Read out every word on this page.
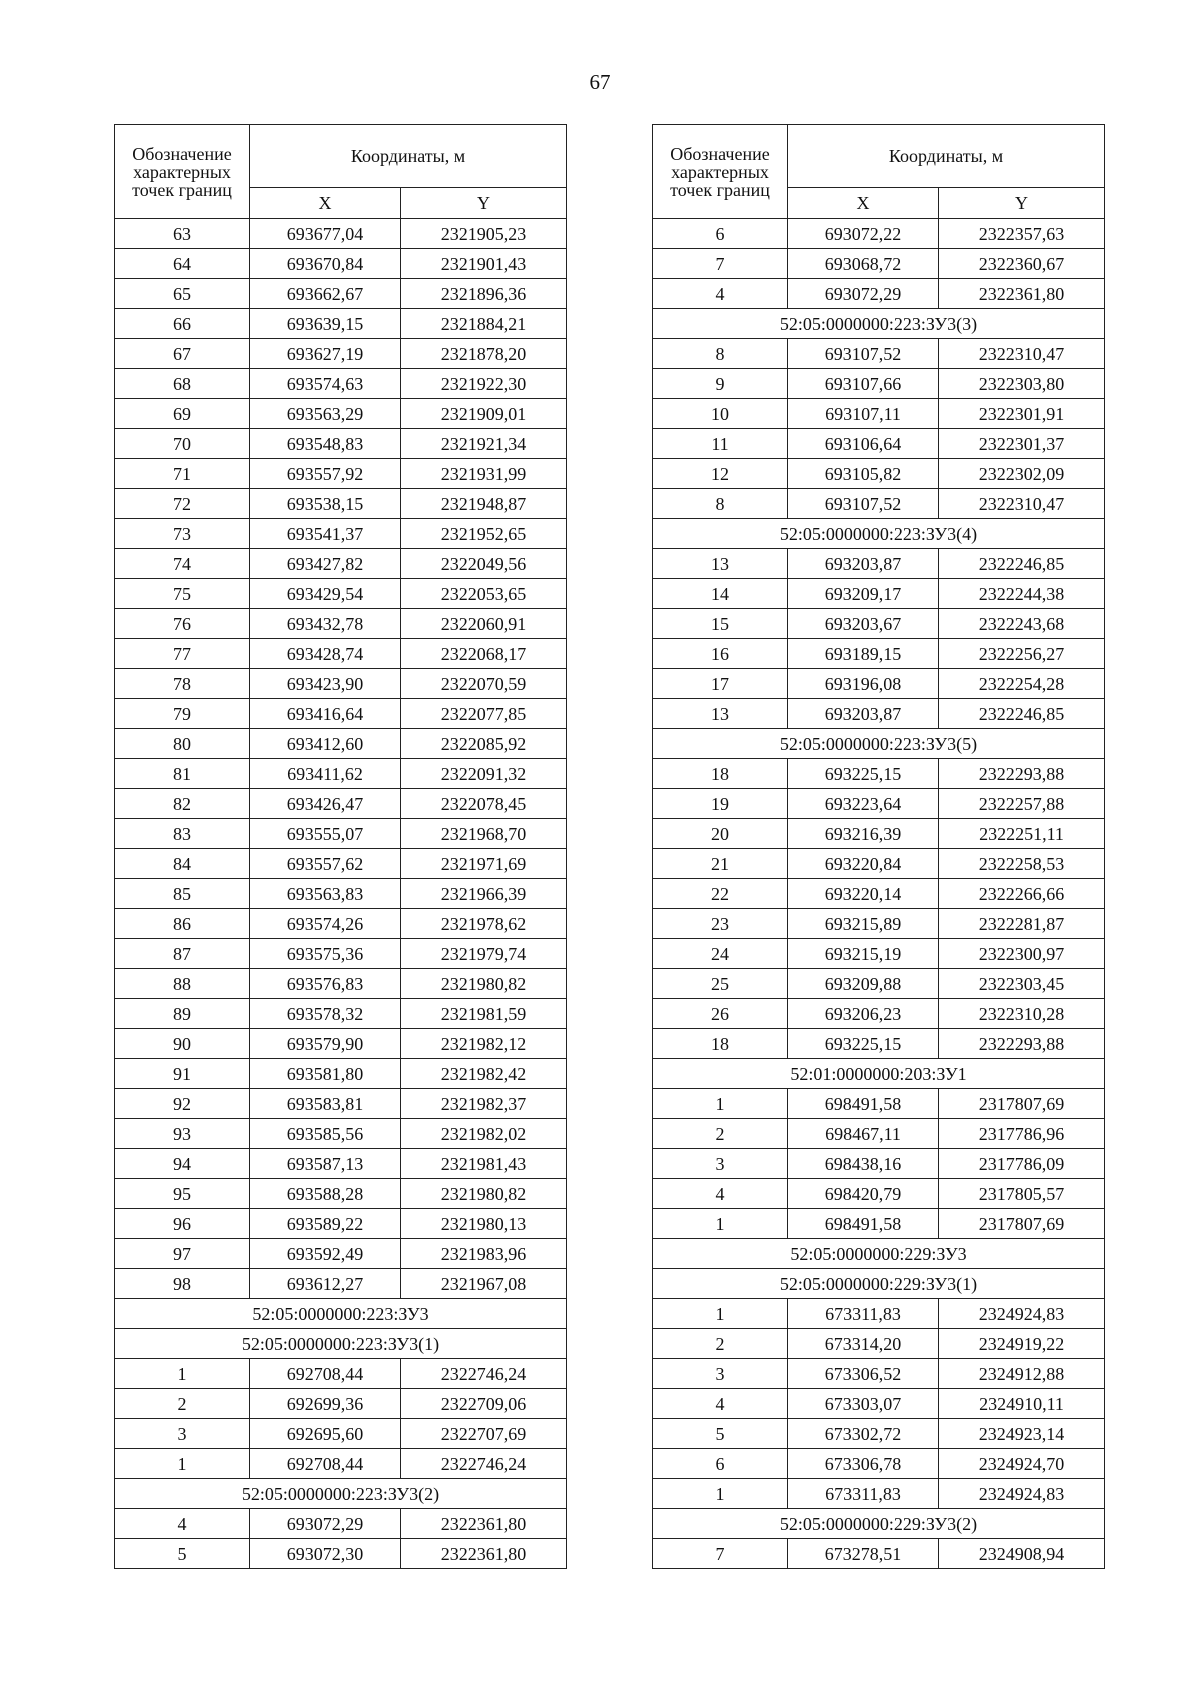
67
Обозначение характерных точек границ	Координаты, м	
	X	Y
63	693677,04	2321905,23
64	693670,84	2321901,43
65	693662,67	2321896,36
66	693639,15	2321884,21
67	693627,19	2321878,20
68	693574,63	2321922,30
69	693563,29	2321909,01
70	693548,83	2321921,34
71	693557,92	2321931,99
72	693538,15	2321948,87
73	693541,37	2321952,65
74	693427,82	2322049,56
75	693429,54	2322053,65
76	693432,78	2322060,91
77	693428,74	2322068,17
78	693423,90	2322070,59
79	693416,64	2322077,85
80	693412,60	2322085,92
81	693411,62	2322091,32
82	693426,47	2322078,45
83	693555,07	2321968,70
84	693557,62	2321971,69
85	693563,83	2321966,39
86	693574,26	2321978,62
87	693575,36	2321979,74
88	693576,83	2321980,82
89	693578,32	2321981,59
90	693579,90	2321982,12
91	693581,80	2321982,42
92	693583,81	2321982,37
93	693585,56	2321982,02
94	693587,13	2321981,43
95	693588,28	2321980,82
96	693589,22	2321980,13
97	693592,49	2321983,96
98	693612,27	2321967,08
52:05:0000000:223:ЗУ3		
52:05:0000000:223:ЗУ3(1)		
1	692708,44	2322746,24
2	692699,36	2322709,06
3	692695,60	2322707,69
1	692708,44	2322746,24
52:05:0000000:223:ЗУ3(2)		
4	693072,29	2322361,80
5	693072,30	2322361,80
Обозначение характерных точек границ	Координаты, м	
	X	Y
6	693072,22	2322357,63
7	693068,72	2322360,67
4	693072,29	2322361,80
52:05:0000000:223:ЗУ3(3)		
8	693107,52	2322310,47
9	693107,66	2322303,80
10	693107,11	2322301,91
11	693106,64	2322301,37
12	693105,82	2322302,09
8	693107,52	2322310,47
52:05:0000000:223:ЗУ3(4)		
13	693203,87	2322246,85
14	693209,17	2322244,38
15	693203,67	2322243,68
16	693189,15	2322256,27
17	693196,08	2322254,28
13	693203,87	2322246,85
52:05:0000000:223:ЗУ3(5)		
18	693225,15	2322293,88
19	693223,64	2322257,88
20	693216,39	2322251,11
21	693220,84	2322258,53
22	693220,14	2322266,66
23	693215,89	2322281,87
24	693215,19	2322300,97
25	693209,88	2322303,45
26	693206,23	2322310,28
18	693225,15	2322293,88
52:01:0000000:203:ЗУ1		
1	698491,58	2317807,69
2	698467,11	2317786,96
3	698438,16	2317786,09
4	698420,79	2317805,57
1	698491,58	2317807,69
52:05:0000000:229:ЗУ3		
52:05:0000000:229:ЗУ3(1)		
1	673311,83	2324924,83
2	673314,20	2324919,22
3	673306,52	2324912,88
4	673303,07	2324910,11
5	673302,72	2324923,14
6	673306,78	2324924,70
1	673311,83	2324924,83
52:05:0000000:229:ЗУ3(2)		
7	673278,51	2324908,94
